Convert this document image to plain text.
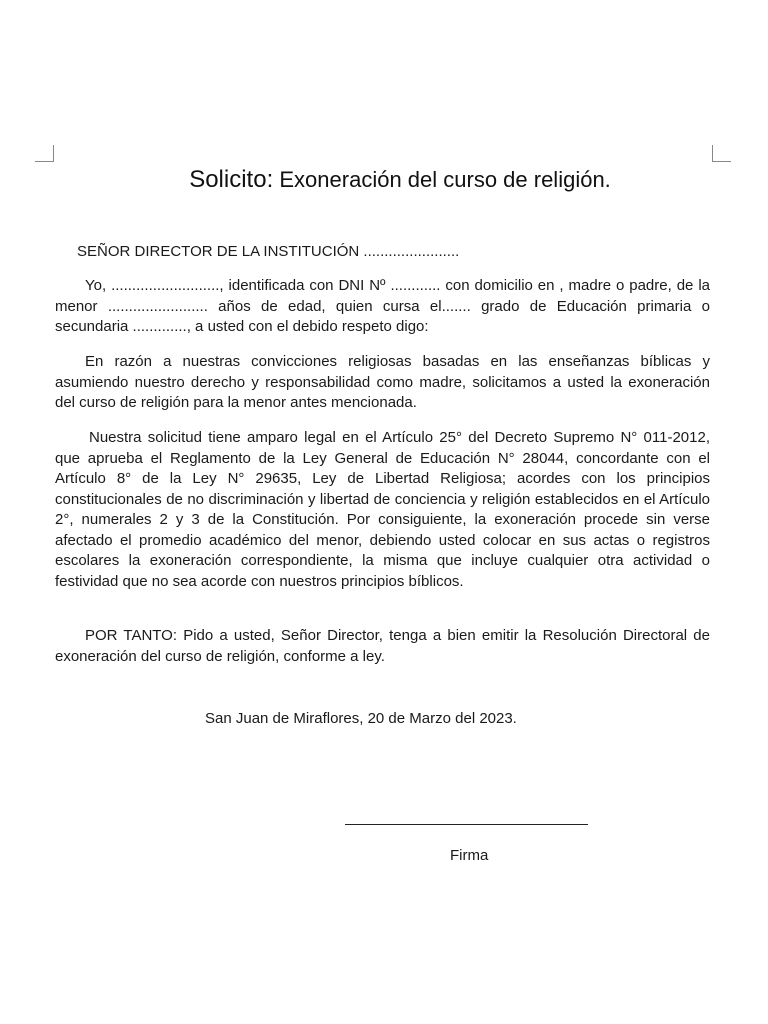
Solicito: Exoneración del curso de religión.
SEÑOR DIRECTOR DE LA INSTITUCIÓN .......................
Yo, .........................., identificada con DNI Nº ............ con domicilio en , madre o padre, de la menor ........................ años de edad, quien cursa el....... grado de Educación primaria o secundaria ............., a usted con el debido respeto digo:
En razón a nuestras convicciones religiosas basadas en las enseñanzas bíblicas y asumiendo nuestro derecho y responsabilidad como madre, solicitamos a usted la exoneración del curso de religión para la menor antes mencionada.
Nuestra solicitud tiene amparo legal en el Artículo 25° del Decreto Supremo N° 011-2012, que aprueba el Reglamento de la Ley General de Educación N° 28044, concordante con el Artículo 8° de la Ley N° 29635, Ley de Libertad Religiosa; acordes con los principios constitucionales de no discriminación y libertad de conciencia y religión establecidos en el Artículo 2°, numerales 2 y 3 de la Constitución. Por consiguiente, la exoneración procede sin verse afectado el promedio académico del menor, debiendo usted colocar en sus actas o registros escolares la exoneración correspondiente, la misma que incluye cualquier otra actividad o festividad que no sea acorde con nuestros principios bíblicos.
POR TANTO: Pido a usted, Señor Director, tenga a bien emitir la Resolución Directoral de exoneración del curso de religión, conforme a ley.
San Juan de Miraflores, 20 de Marzo del 2023.
Firma
